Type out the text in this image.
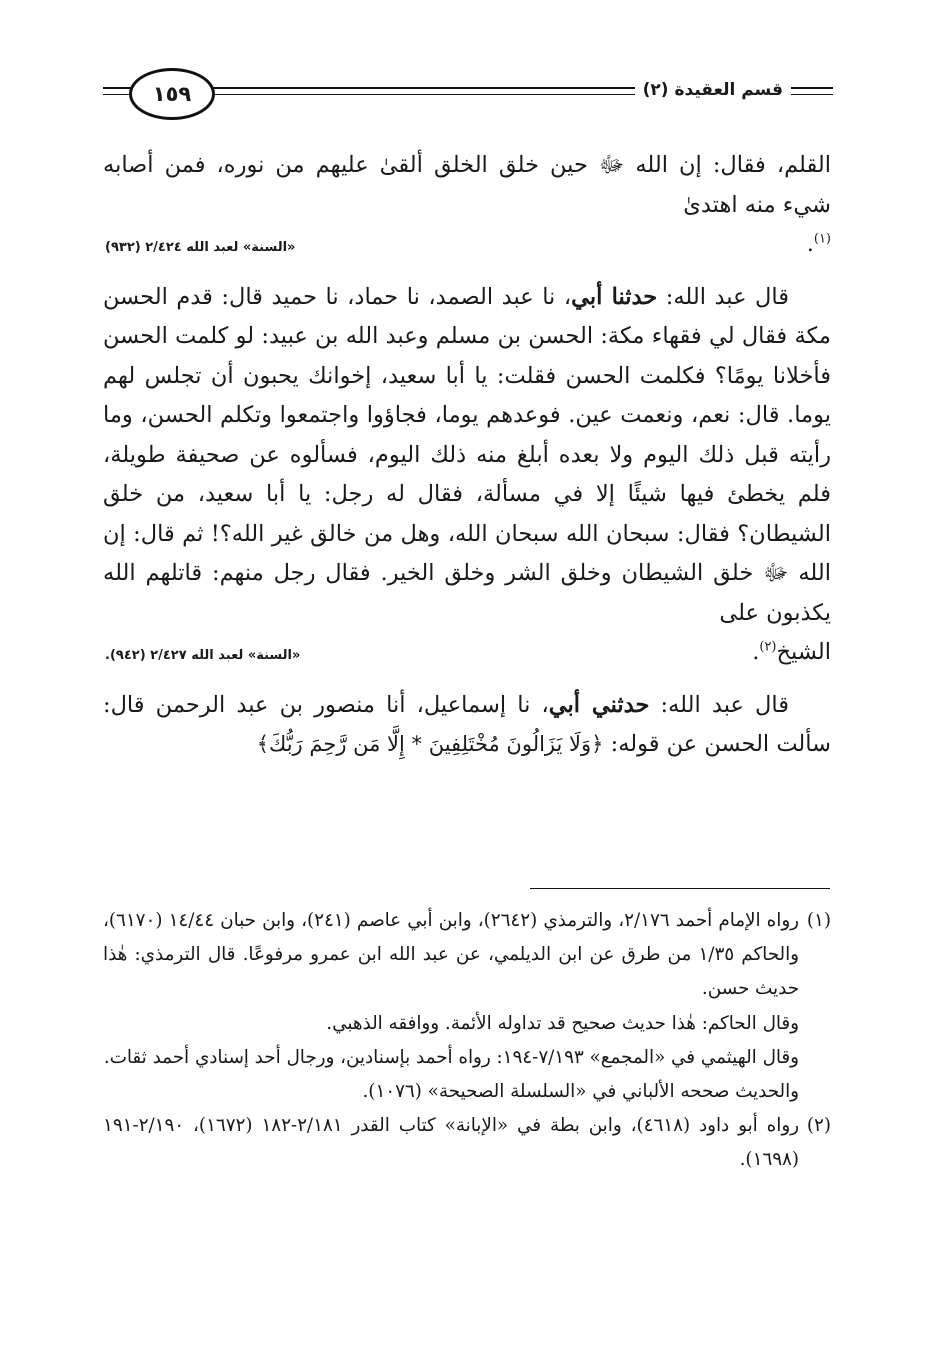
١٥٩	قسم العقيدة (٢)

القلم، فقال: إن الله ﷻ حين خلق الخلق ألقىٰ عليهم من نوره، فمن أصابه شيء منه اهتدىٰ

$^{(١)}$.
«السنة» لعبد الله ٢/٤٢٤ (٩٣٢)

قال عبد الله: حدثنا أبي، نا عبد الصمد، نا حماد، نا حميد قال: قدم الحسن مكة فقال لي فقهاء مكة: الحسن بن مسلم وعبد الله بن عبيد: لو كلمت الحسن فأخلانا يومًا؟ فكلمت الحسن فقلت: يا أبا سعيد، إخوانك يحبون أن تجلس لهم يوما. قال: نعم، ونعمت عين. فوعدهم يوما، فجاؤوا واجتمعوا وتكلم الحسن، وما رأيته قبل ذلك اليوم ولا بعده أبلغ منه ذلك اليوم، فسألوه عن صحيفة طويلة، فلم يخطئ فيها شيئًا إلا في مسألة، فقال له رجل: يا أبا سعيد، من خلق الشيطان؟ فقال: سبحان الله سبحان الله، وهل من خالق غير الله؟! ثم قال: إن الله ﷻ خلق الشيطان وخلق الشر وخلق الخير. فقال رجل منهم: قاتلهم الله يكذبون على

الشيخ$^{(٢)}$.
«السنة» لعبد الله ٢/٤٢٧ (٩٤٢).

قال عبد الله: حدثني أبي، نا إسماعيل، أنا منصور بن عبد الرحمن قال: سألت الحسن عن قوله: ﴿وَلَا يَزَالُونَ مُخْتَلِفِينَ * إِلَّا مَن رَّحِمَ رَبُّكَ﴾

(١)

رواه الإمام أحمد ٢/١٧٦، والترمذي (٢٦٤٢)، وابن أبي عاصم (٢٤١)، وابن حبان ١٤/٤٤ (٦١٧٠)، والحاكم ١/٣٥ من طرق عن ابن الديلمي، عن عبد الله ابن عمرو مرفوعًا. قال الترمذي: هٰذا حديث حسن.

وقال الحاكم: هٰذا حديث صحيح قد تداوله الأئمة. ووافقه الذهبي.

وقال الهيثمي في «المجمع» ٧/١٩٣-١٩٤: رواه أحمد بإسنادين، ورجال أحد إسنادي أحمد ثقات.

والحديث صححه الألباني في «السلسلة الصحيحة» (١٠٧٦).

(٢)

رواه أبو داود (٤٦١٨)، وابن بطة في «الإبانة» كتاب القدر ٢/١٨١-١٨٢ (١٦٧٢)، ٢/١٩٠-١٩١ (١٦٩٨).
